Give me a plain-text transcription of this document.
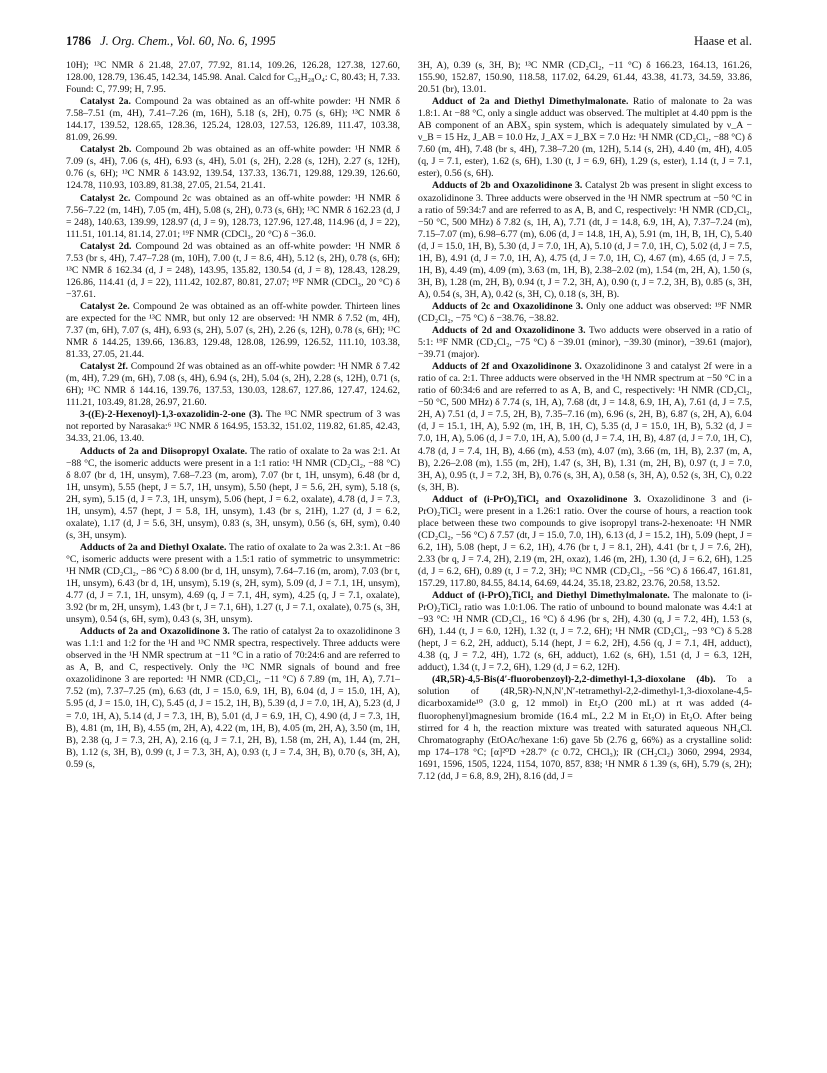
1786 J. Org. Chem., Vol. 60, No. 6, 1995	Haase et al.

10H); ¹³C NMR δ 21.48, 27.07, 77.92, 81.14, 109.26, 126.28, 127.38, 127.60, 128.00, 128.79, 136.45, 142.34, 145.98. Anal. Calcd for C₃₂H₂₈O₄: C, 80.43; H, 7.33. Found: C, 77.99; H, 7.95.

Catalyst 2a. Compound 2a was obtained as an off-white powder: ¹H NMR δ 7.58–7.51 (m, 4H), 7.41–7.26 (m, 16H), 5.18 (s, 2H), 0.75 (s, 6H); ¹³C NMR δ 144.17, 139.52, 128.65, 128.36, 125.24, 128.03, 127.53, 126.89, 111.47, 103.38, 81.09, 26.99.

Catalyst 2b. Compound 2b was obtained as an off-white powder: ¹H NMR δ 7.09 (s, 4H), 7.06 (s, 4H), 6.93 (s, 4H), 5.01 (s, 2H), 2.28 (s, 12H), 2.27 (s, 12H), 0.76 (s, 6H); ¹³C NMR δ 143.92, 139.54, 137.33, 136.71, 129.88, 129.39, 126.60, 124.78, 110.93, 103.89, 81.38, 27.05, 21.54, 21.41.

Catalyst 2c. Compound 2c was obtained as an off-white powder: ¹H NMR δ 7.56–7.22 (m, 14H), 7.05 (m, 4H), 5.08 (s, 2H), 0.73 (s, 6H); ¹³C NMR δ 162.23 (d, J = 248), 140.63, 139.99, 128.97 (d, J = 9), 128.73, 127.96, 127.48, 114.96 (d, J = 22), 111.51, 101.14, 81.14, 27.01; ¹⁹F NMR (CDCl₃, 20 °C) δ −36.0.

Catalyst 2d. Compound 2d was obtained as an off-white powder: ¹H NMR δ 7.53 (br s, 4H), 7.47–7.28 (m, 10H), 7.00 (t, J = 8.6, 4H), 5.12 (s, 2H), 0.78 (s, 6H); ¹³C NMR δ 162.34 (d, J = 248), 143.95, 135.82, 130.54 (d, J = 8), 128.43, 128.29, 126.86, 114.41 (d, J = 22), 111.42, 102.87, 80.81, 27.07; ¹⁹F NMR (CDCl₃, 20 °C) δ −37.61.

Catalyst 2e. Compound 2e was obtained as an off-white powder. Thirteen lines are expected for the ¹³C NMR, but only 12 are observed: ¹H NMR δ 7.52 (m, 4H), 7.37 (m, 6H), 7.07 (s, 4H), 6.93 (s, 2H), 5.07 (s, 2H), 2.26 (s, 12H), 0.78 (s, 6H); ¹³C NMR δ 144.25, 139.66, 136.83, 129.48, 128.08, 126.99, 126.52, 111.10, 103.38, 81.33, 27.05, 21.44.

Catalyst 2f. Compound 2f was obtained as an off-white powder: ¹H NMR δ 7.42 (m, 4H), 7.29 (m, 6H), 7.08 (s, 4H), 6.94 (s, 2H), 5.04 (s, 2H), 2.28 (s, 12H), 0.71 (s, 6H); ¹³C NMR δ 144.16, 139.76, 137.53, 130.03, 128.67, 127.86, 127.47, 124.62, 111.21, 103.49, 81.28, 26.97, 21.60.

3-((E)-2-Hexenoyl)-1,3-oxazolidin-2-one (3). The ¹³C NMR spectrum of 3 was not reported by Narasaka:⁶ ¹³C NMR δ 164.95, 153.32, 151.02, 119.82, 61.85, 42.43, 34.33, 21.06, 13.40.

Adducts of 2a and Diisopropyl Oxalate. The ratio of oxalate to 2a was 2:1. At −88 °C, the isomeric adducts were present in a 1:1 ratio: ¹H NMR (CD₂Cl₂, −88 °C) δ 8.07 (br d, 1H, unsym), 7.68–7.23 (m, arom), 7.07 (br t, 1H, unsym), 6.48 (br d, 1H, unsym), 5.55 (hept, J = 5.7, 1H, unsym), 5.50 (hept, J = 5.6, 2H, sym), 5.18 (s, 2H, sym), 5.15 (d, J = 7.3, 1H, unsym), 5.06 (hept, J = 6.2, oxalate), 4.78 (d, J = 7.3, 1H, unsym), 4.57 (hept, J = 5.8, 1H, unsym), 1.43 (br s, 21H), 1.27 (d, J = 6.2, oxalate), 1.17 (d, J = 5.6, 3H, unsym), 0.83 (s, 3H, unsym), 0.56 (s, 6H, sym), 0.40 (s, 3H, unsym).

Adducts of 2a and Diethyl Oxalate. The ratio of oxalate to 2a was 2.3:1. At −86 °C, isomeric adducts were present with a 1.5:1 ratio of symmetric to unsymmetric: ¹H NMR (CD₂Cl₂, −86 °C) δ 8.00 (br d, 1H, unsym), 7.64–7.16 (m, arom), 7.03 (br t, 1H, unsym), 6.43 (br d, 1H, unsym), 5.19 (s, 2H, sym), 5.09 (d, J = 7.1, 1H, unsym), 4.77 (d, J = 7.1, 1H, unsym), 4.69 (q, J = 7.1, 4H, sym), 4.25 (q, J = 7.1, oxalate), 3.92 (br m, 2H, unsym), 1.43 (br t, J = 7.1, 6H), 1.27 (t, J = 7.1, oxalate), 0.75 (s, 3H, unsym), 0.54 (s, 6H, sym), 0.43 (s, 3H, unsym).

Adducts of 2a and Oxazolidinone 3. The ratio of catalyst 2a to oxazolidinone 3 was 1.1:1 and 1:2 for the ¹H and ¹³C NMR spectra, respectively. Three adducts were observed in the ¹H NMR spectrum at −11 °C in a ratio of 70:24:6 and are referred to as A, B, and C, respectively. Only the ¹³C NMR signals of bound and free oxazolidinone 3 are reported: ¹H NMR (CD₂Cl₂, −11 °C) δ 7.89 (m, 1H, A), 7.71–7.52 (m), 7.37–7.25 (m), 6.63 (dt, J = 15.0, 6.9, 1H, B), 6.04 (d, J = 15.0, 1H, A), 5.95 (d, J = 15.0, 1H, C), 5.45 (d, J = 15.2, 1H, B), 5.39 (d, J = 7.0, 1H, A), 5.23 (d, J = 7.0, 1H, A), 5.14 (d, J = 7.3, 1H, B), 5.01 (d, J = 6.9, 1H, C), 4.90 (d, J = 7.3, 1H, B), 4.81 (m, 1H, B), 4.55 (m, 2H, A), 4.22 (m, 1H, B), 4.05 (m, 2H, A), 3.50 (m, 1H, B), 2.38 (q, J = 7.3, 2H, A), 2.16 (q, J = 7.1, 2H, B), 1.58 (m, 2H, A), 1.44 (m, 2H, B), 1.12 (s, 3H, B), 0.99 (t, J = 7.3, 3H, A), 0.93 (t, J = 7.4, 3H, B), 0.70 (s, 3H, A), 0.59 (s,

3H, A), 0.39 (s, 3H, B); ¹³C NMR (CD₂Cl₂, −11 °C) δ 166.23, 164.13, 161.26, 155.90, 152.87, 150.90, 118.58, 117.02, 64.29, 61.44, 43.38, 41.73, 34.59, 33.86, 20.51 (br), 13.01.

Adduct of 2a and Diethyl Dimethylmalonate. Ratio of malonate to 2a was 1.8:1. At −88 °C, only a single adduct was observed. The multiplet at 4.40 ppm is the AB component of an ABX₃ spin system, which is adequately simulated by ν_A − ν_B = 15 Hz, J_AB = 10.0 Hz, J_AX = J_BX = 7.0 Hz: ¹H NMR (CD₂Cl₂, −88 °C) δ 7.60 (m, 4H), 7.48 (br s, 4H), 7.38–7.20 (m, 12H), 5.14 (s, 2H), 4.40 (m, 4H), 4.05 (q, J = 7.1, ester), 1.62 (s, 6H), 1.30 (t, J = 6.9, 6H), 1.29 (s, ester), 1.14 (t, J = 7.1, ester), 0.56 (s, 6H).

Adducts of 2b and Oxazolidinone 3. Catalyst 2b was present in slight excess to oxazolidinone 3. Three adducts were observed in the ¹H NMR spectrum at −50 °C in a ratio of 59:34:7 and are referred to as A, B, and C, respectively: ¹H NMR (CD₂Cl₂, −50 °C, 500 MHz) δ 7.82 (s, 1H, A), 7.71 (dt, J = 14.8, 6.9, 1H, A), 7.37–7.24 (m), 7.15–7.07 (m), 6.98–6.77 (m), 6.06 (d, J = 14.8, 1H, A), 5.91 (m, 1H, B, 1H, C), 5.40 (d, J = 15.0, 1H, B), 5.30 (d, J = 7.0, 1H, A), 5.10 (d, J = 7.0, 1H, C), 5.02 (d, J = 7.5, 1H, B), 4.91 (d, J = 7.0, 1H, A), 4.75 (d, J = 7.0, 1H, C), 4.67 (m), 4.65 (d, J = 7.5, 1H, B), 4.49 (m), 4.09 (m), 3.63 (m, 1H, B), 2.38–2.02 (m), 1.54 (m, 2H, A), 1.50 (s, 3H, B), 1.28 (m, 2H, B), 0.94 (t, J = 7.2, 3H, A), 0.90 (t, J = 7.2, 3H, B), 0.85 (s, 3H, A), 0.54 (s, 3H, A), 0.42 (s, 3H, C), 0.18 (s, 3H, B).

Adducts of 2c and Oxazolidinone 3. Only one adduct was observed: ¹⁹F NMR (CD₂Cl₂, −75 °C) δ −38.76, −38.82.

Adducts of 2d and Oxazolidinone 3. Two adducts were observed in a ratio of 5:1: ¹⁹F NMR (CD₂Cl₂, −75 °C) δ −39.01 (minor), −39.30 (minor), −39.61 (major), −39.71 (major).

Adducts of 2f and Oxazolidinone 3. Oxazolidinone 3 and catalyst 2f were in a ratio of ca. 2:1. Three adducts were observed in the ¹H NMR spectrum at −50 °C in a ratio of 60:34:6 and are referred to as A, B, and C, respectively: ¹H NMR (CD₂Cl₂, −50 °C, 500 MHz) δ 7.74 (s, 1H, A), 7.68 (dt, J = 14.8, 6.9, 1H, A), 7.61 (d, J = 7.5, 2H, A) 7.51 (d, J = 7.5, 2H, B), 7.35–7.16 (m), 6.96 (s, 2H, B), 6.87 (s, 2H, A), 6.04 (d, J = 15.1, 1H, A), 5.92 (m, 1H, B, 1H, C), 5.35 (d, J = 15.0, 1H, B), 5.32 (d, J = 7.0, 1H, A), 5.06 (d, J = 7.0, 1H, A), 5.00 (d, J = 7.4, 1H, B), 4.87 (d, J = 7.0, 1H, C), 4.78 (d, J = 7.4, 1H, B), 4.66 (m), 4.53 (m), 4.07 (m), 3.66 (m, 1H, B), 2.37 (m, A, B), 2.26–2.08 (m), 1.55 (m, 2H), 1.47 (s, 3H, B), 1.31 (m, 2H, B), 0.97 (t, J = 7.0, 3H, A), 0.95 (t, J = 7.2, 3H, B), 0.76 (s, 3H, A), 0.58 (s, 3H, A), 0.52 (s, 3H, C), 0.22 (s, 3H, B).

Adduct of (i-PrO)₂TiCl₂ and Oxazolidinone 3. Oxazolidinone 3 and (i-PrO)₂TiCl₂ were present in a 1.26:1 ratio. Over the course of hours, a reaction took place between these two compounds to give isopropyl trans-2-hexenoate: ¹H NMR (CD₂Cl₂, −56 °C) δ 7.57 (dt, J = 15.0, 7.0, 1H), 6.13 (d, J = 15.2, 1H), 5.09 (hept, J = 6.2, 1H), 5.08 (hept, J = 6.2, 1H), 4.76 (br t, J = 8.1, 2H), 4.41 (br t, J = 7.6, 2H), 2.33 (br q, J = 7.4, 2H), 2.19 (m, 2H, oxaz), 1.46 (m, 2H), 1.30 (d, J = 6.2, 6H), 1.25 (d, J = 6.2, 6H), 0.89 (t, J = 7.2, 3H); ¹³C NMR (CD₂Cl₂, −56 °C) δ 166.47, 161.81, 157.29, 117.80, 84.55, 84.14, 64.69, 44.24, 35.18, 23.82, 23.76, 20.58, 13.52.

Adduct of (i-PrO)₂TiCl₂ and Diethyl Dimethylmalonate. The malonate to (i-PrO)₂TiCl₂ ratio was 1.0:1.06. The ratio of unbound to bound malonate was 4.4:1 at −93 °C: ¹H NMR (CD₂Cl₂, 16 °C) δ 4.96 (br s, 2H), 4.30 (q, J = 7.2, 4H), 1.53 (s, 6H), 1.44 (t, J = 6.0, 12H), 1.32 (t, J = 7.2, 6H); ¹H NMR (CD₂Cl₂, −93 °C) δ 5.28 (hept, J = 6.2, 2H, adduct), 5.14 (hept, J = 6.2, 2H), 4.56 (q, J = 7.1, 4H, adduct), 4.38 (q, J = 7.2, 4H), 1.72 (s, 6H, adduct), 1.62 (s, 6H), 1.51 (d, J = 6.3, 12H, adduct), 1.34 (t, J = 7.2, 6H), 1.29 (d, J = 6.2, 12H).

(4R,5R)-4,5-Bis(4′-fluorobenzoyl)-2,2-dimethyl-1,3-dioxolane (4b). To a solution of (4R,5R)-N,N,N′,N′-tetramethyl-2,2-dimethyl-1,3-dioxolane-4,5-dicarboxamide¹⁰ (3.0 g, 12 mmol) in Et₂O (200 mL) at rt was added (4-fluorophenyl)magnesium bromide (16.4 mL, 2.2 M in Et₂O) in Et₂O. After being stirred for 4 h, the reaction mixture was treated with saturated aqueous NH₄Cl. Chromatography (EtOAc/hexane 1:6) gave 5b (2.76 g, 66%) as a crystalline solid: mp 174–178 °C; [α]²⁰D +28.7° (c 0.72, CHCl₃); IR (CH₂Cl₂) 3060, 2994, 2934, 1691, 1596, 1505, 1224, 1154, 1070, 857, 838; ¹H NMR δ 1.39 (s, 6H), 5.79 (s, 2H); 7.12 (dd, J = 6.8, 8.9, 2H), 8.16 (dd, J =
